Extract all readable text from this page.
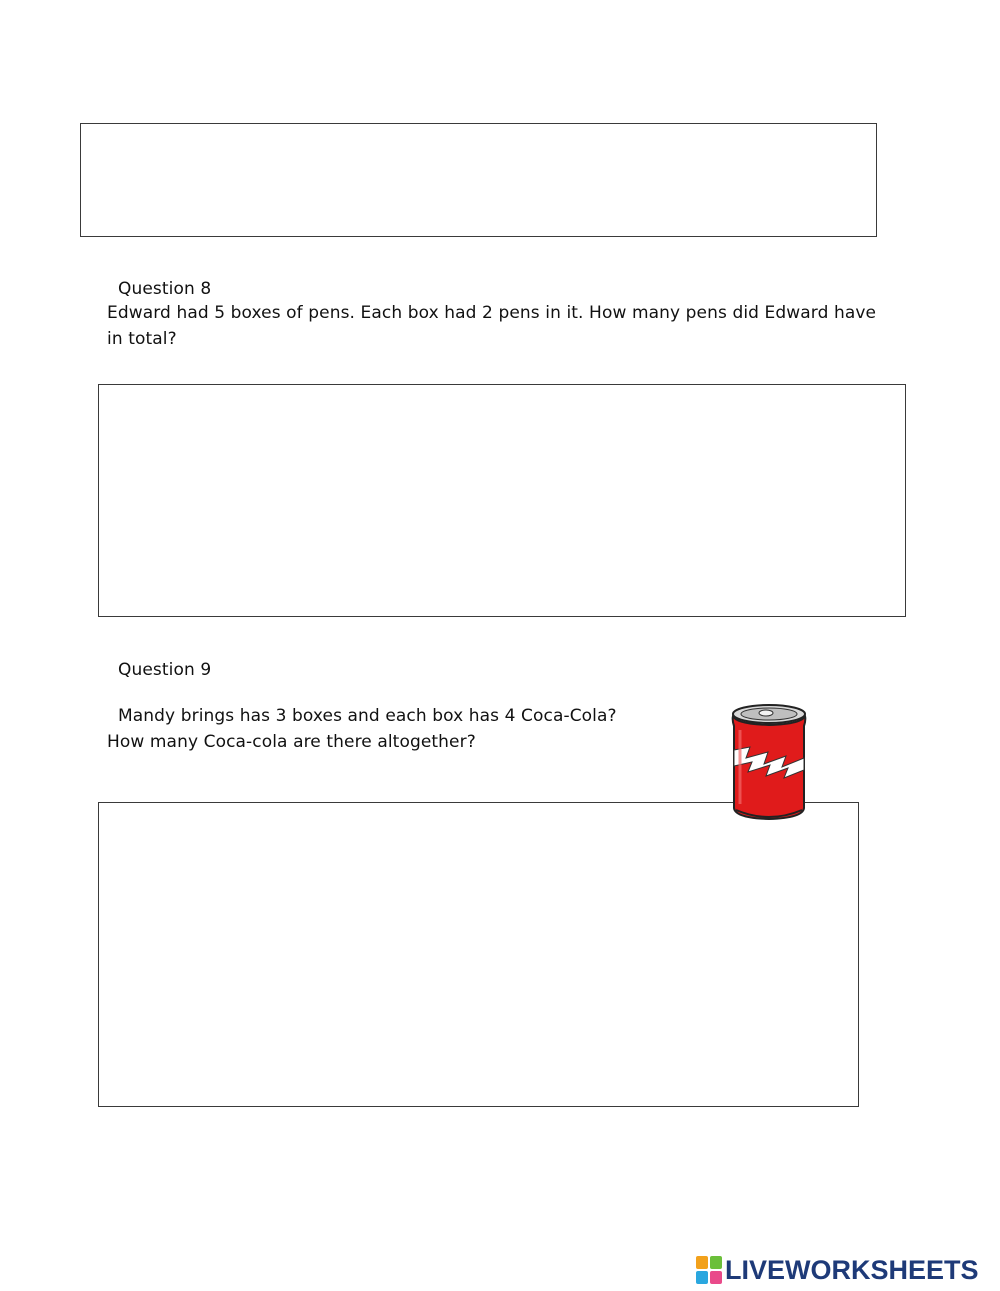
Question 8
Edward had 5 boxes of pens. Each box had 2 pens in it. How many pens did Edward have in total?
Question 9
Mandy brings has 3 boxes and each box has 4 Coca-Cola?
How many Coca-cola are there altogether?
LIVEWORKSHEETS
